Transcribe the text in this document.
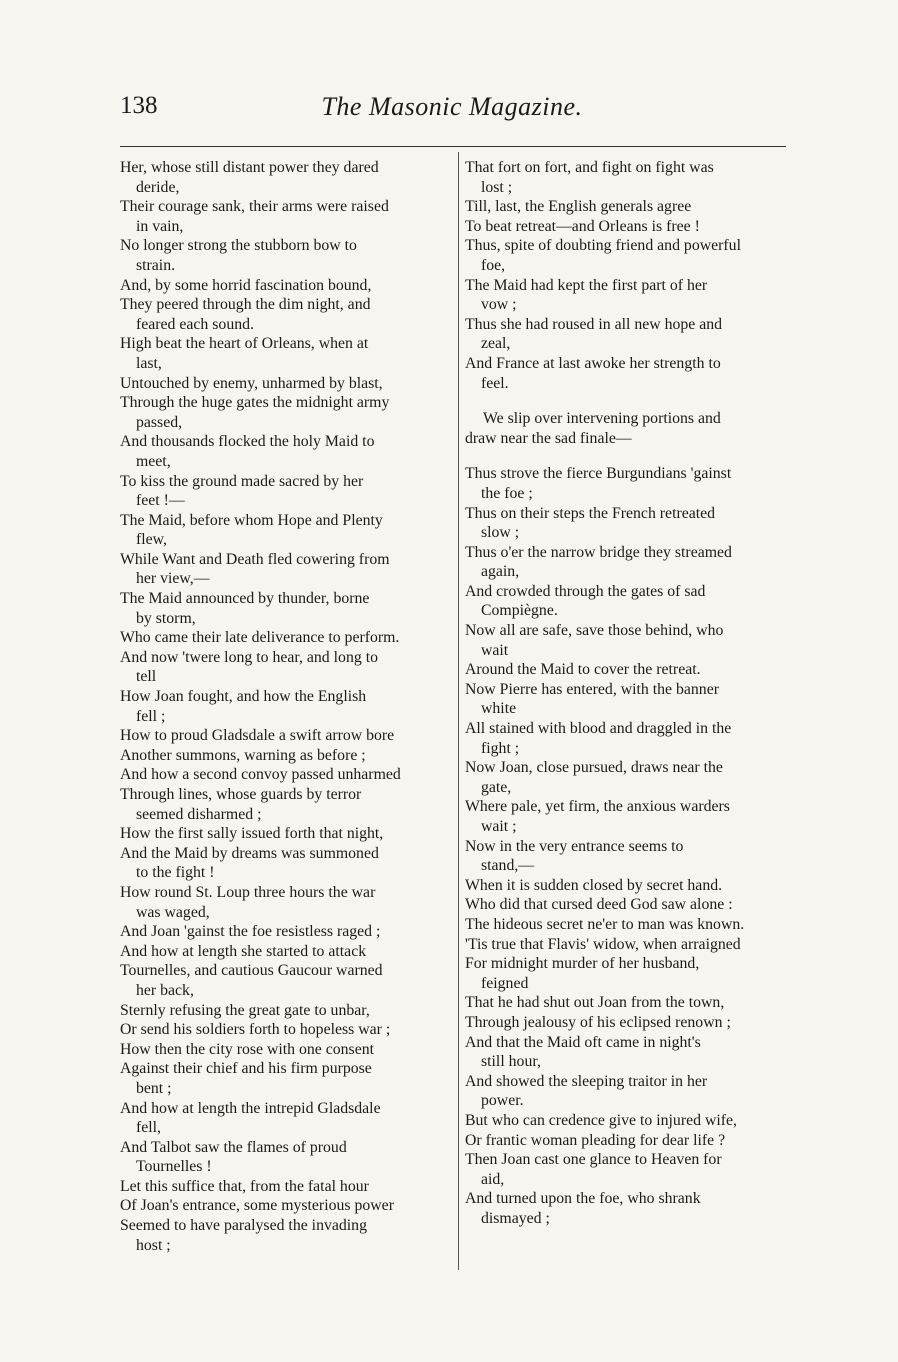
138	The Masonic Magazine.
Her, whose still distant power they dared
deride,
Their courage sank, their arms were raised
in vain,
No longer strong the stubborn bow to
strain.
And, by some horrid fascination bound,
They peered through the dim night, and
feared each sound.
High beat the heart of Orleans, when at
last,
Untouched by enemy, unharmed by blast,
Through the huge gates the midnight army
passed,
And thousands flocked the holy Maid to
meet,
To kiss the ground made sacred by her
feet !—
The Maid, before whom Hope and Plenty
flew,
While Want and Death fled cowering from
her view,—
The Maid announced by thunder, borne
by storm,
Who came their late deliverance to perform.
And now 'twere long to hear, and long to
tell
How Joan fought, and how the English
fell ;
How to proud Gladsdale a swift arrow bore
Another summons, warning as before ;
And how a second convoy passed unharmed
Through lines, whose guards by terror
seemed disharmed ;
How the first sally issued forth that night,
And the Maid by dreams was summoned
to the fight !
How round St. Loup three hours the war
was waged,
And Joan 'gainst the foe resistless raged ;
And how at length she started to attack
Tournelles, and cautious Gaucour warned
her back,
Sternly refusing the great gate to unbar,
Or send his soldiers forth to hopeless war ;
How then the city rose with one consent
Against their chief and his firm purpose
bent ;
And how at length the intrepid Gladsdale
fell,
And Talbot saw the flames of proud
Tournelles !
Let this suffice that, from the fatal hour
Of Joan's entrance, some mysterious power
Seemed to have paralysed the invading
host ;
That fort on fort, and fight on fight was
lost ;
Till, last, the English generals agree
To beat retreat—and Orleans is free !
Thus, spite of doubting friend and powerful
foe,
The Maid had kept the first part of her
vow ;
Thus she had roused in all new hope and
zeal,
And France at last awoke her strength to
feel.
We slip over intervening portions and
draw near the sad finale—
Thus strove the fierce Burgundians 'gainst
the foe ;
Thus on their steps the French retreated
slow ;
Thus o'er the narrow bridge they streamed
again,
And crowded through the gates of sad
Compiègne.
Now all are safe, save those behind, who
wait
Around the Maid to cover the retreat.
Now Pierre has entered, with the banner
white
All stained with blood and draggled in the
fight ;
Now Joan, close pursued, draws near the
gate,
Where pale, yet firm, the anxious warders
wait ;
Now in the very entrance seems to
stand,—
When it is sudden closed by secret hand.
Who did that cursed deed God saw alone :
The hideous secret ne'er to man was known.
'Tis true that Flavis' widow, when arraigned
For midnight murder of her husband,
feigned
That he had shut out Joan from the town,
Through jealousy of his eclipsed renown ;
And that the Maid oft came in night's
still hour,
And showed the sleeping traitor in her
power.
But who can credence give to injured wife,
Or frantic woman pleading for dear life ?
Then Joan cast one glance to Heaven for
aid,
And turned upon the foe, who shrank
dismayed ;
